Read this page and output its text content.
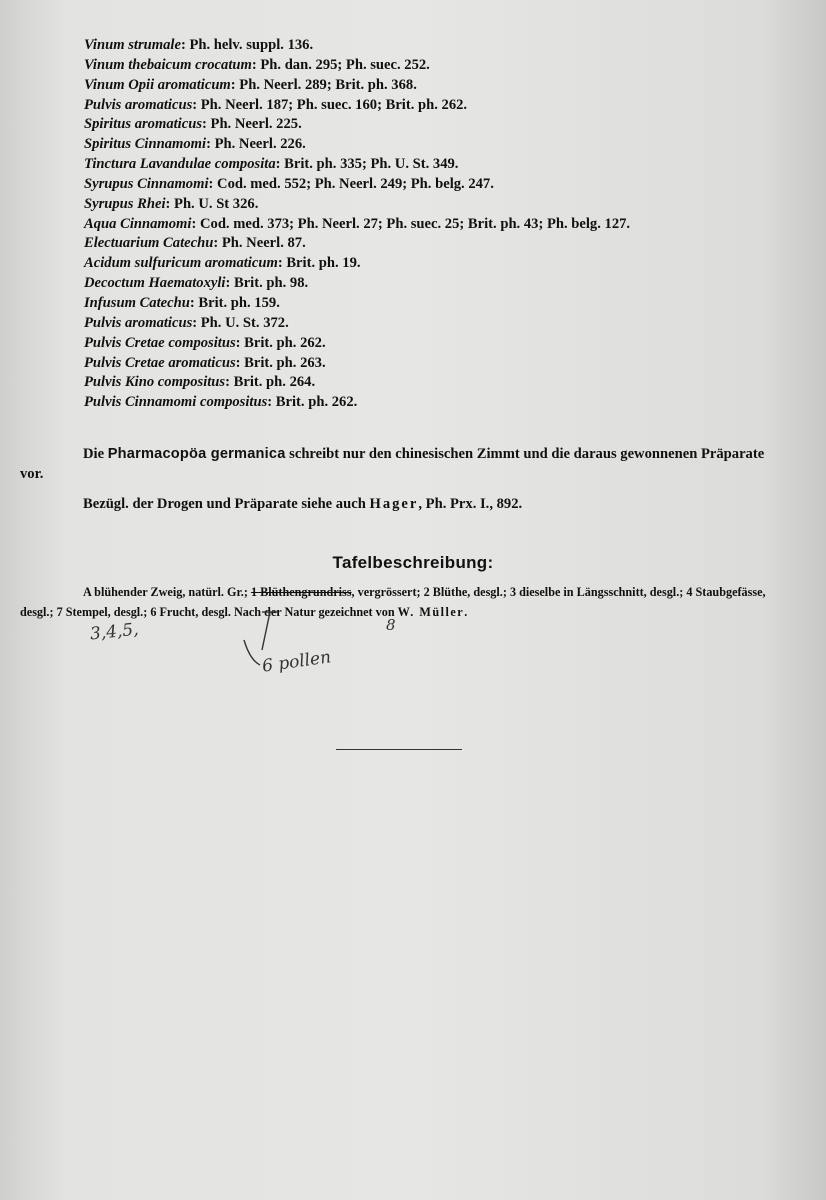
Vinum strumale: Ph. helv. suppl. 136.
Vinum thebaicum crocatum: Ph. dan. 295; Ph. suec. 252.
Vinum Opii aromaticum: Ph. Neerl. 289; Brit. ph. 368.
Pulvis aromaticus: Ph. Neerl. 187; Ph. suec. 160; Brit. ph. 262.
Spiritus aromaticus: Ph. Neerl. 225.
Spiritus Cinnamomi: Ph. Neerl. 226.
Tinctura Lavandulae composita: Brit. ph. 335; Ph. U. St. 349.
Syrupus Cinnamomi: Cod. med. 552; Ph. Neerl. 249; Ph. belg. 247.
Syrupus Rhei: Ph. U. St 326.
Aqua Cinnamomi: Cod. med. 373; Ph. Neerl. 27; Ph. suec. 25; Brit. ph. 43; Ph. belg. 127.
Electuarium Catechu: Ph. Neerl. 87.
Acidum sulfuricum aromaticum: Brit. ph. 19.
Decoctum Haematoxyli: Brit. ph. 98.
Infusum Catechu: Brit. ph. 159.
Pulvis aromaticus: Ph. U. St. 372.
Pulvis Cretae compositus: Brit. ph. 262.
Pulvis Cretae aromaticus: Brit. ph. 263.
Pulvis Kino compositus: Brit. ph. 264.
Pulvis Cinnamomi compositus: Brit. ph. 262.
Die Pharmacopöa germanica schreibt nur den chinesischen Zimmt und die daraus gewonnenen Präparate vor.
Bezügl. der Drogen und Präparate siehe auch Hager, Ph. Prx. I., 892.
Tafelbeschreibung:
A blühender Zweig, natürl. Gr.; 1 Blüthengrundriss, vergrössert; 2 Blüthe, desgl.; 3 dieselbe in Längsschnitt, desgl.; 4 Staubgefässe, desgl.; 7 Stempel, desgl.; 6 Frucht, desgl. Nach der Natur gezeichnet von W. Müller.
3,4,5,	8
6 pollen
